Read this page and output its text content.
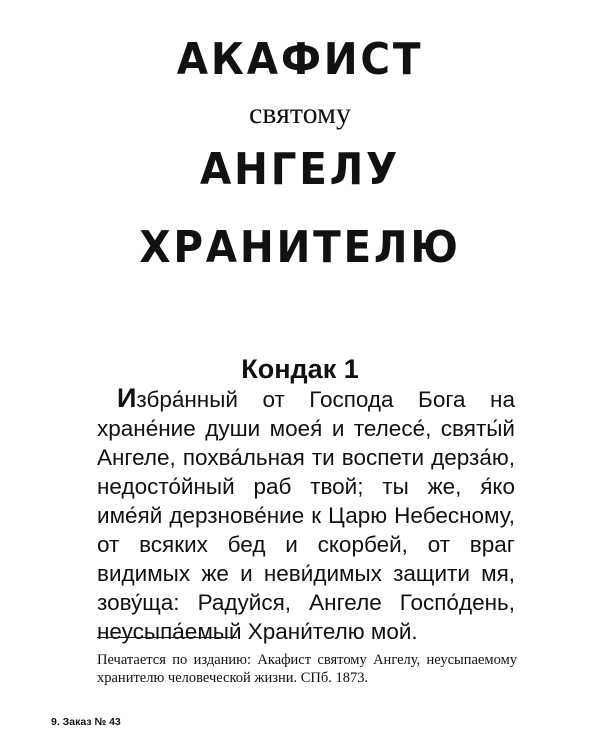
АКАФИСТ
святому
АНГЕЛУ
ХРАНИТЕЛЮ
Кондак 1
Избра́нный от Господа Бога на хране́ние души моея́ и телесе́, святы́й Ангеле, похва́льная ти воспети дерза́ю, недосто́йный раб твой; ты же, я́ко име́яй дерзнове́ние к Царю Небесному, от всяких бед и скорбей, от враг видимых же и неви́димых защити мя, зову́ща: Радуйся, Ангеле Госпо́день, неусыпа́емый Храни́телю мой.
Печатается по изданию: Акафист святому Ангелу, неусыпаемому хранителю человеческой жизни. СПб. 1873.
9. Заказ № 43
